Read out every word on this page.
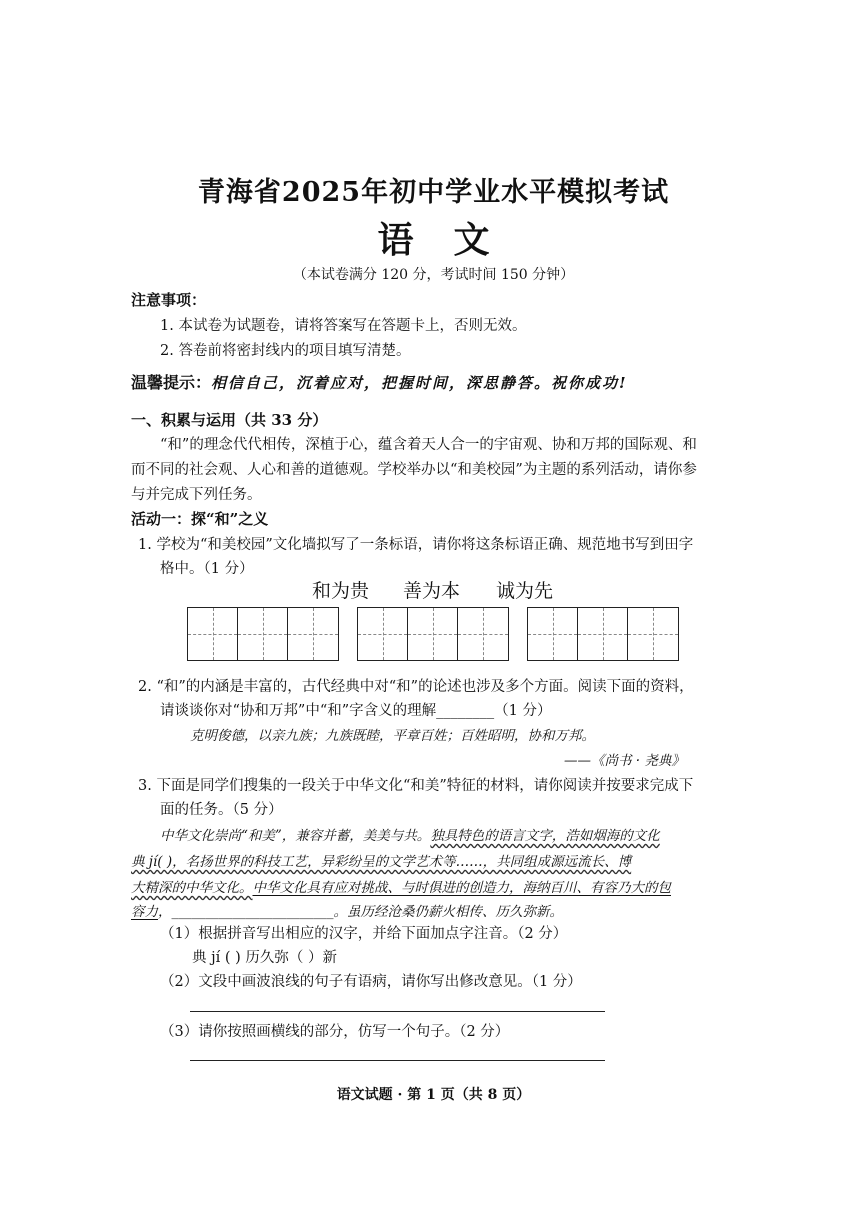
青海省2025年初中学业水平模拟考试
语文
（本试卷满分 120 分，考试时间 150 分钟）
注意事项：
1. 本试卷为试题卷，请将答案写在答题卡上，否则无效。
2. 答卷前将密封线内的项目填写清楚。
温馨提示：相信自己，沉着应对，把握时间，深思静答。祝你成功!
一、积累与运用（共 33 分）
“和”的理念代代相传，深植于心，蕴含着天人合一的宇宙观、协和万邦的国际观、和
而不同的社会观、人心和善的道德观。学校举办以“和美校园”为主题的系列活动，请你参
与并完成下列任务。
活动一：探“和”之义
1. 学校为“和美校园”文化墙拟写了一条标语，请你将这条标语正确、规范地书写到田字
格中。（1 分）
和为贵 善为本 诚为先
2. “和”的内涵是丰富的，古代经典中对“和”的论述也涉及多个方面。阅读下面的资料，
请谈谈你对“协和万邦”中“和”字含义的理解________（1 分）
克明俊德，以亲九族；九族既睦，平章百姓；百姓昭明，协和万邦。
——《尚书 · 尧典》
3. 下面是同学们搜集的一段关于中华文化“和美”特征的材料，请你阅读并按要求完成下
面的任务。（5 分）
中华文化崇尚“和美”，兼容并蓄，美美与共。独具特色的语言文字，浩如烟海的文化
典 jí( )，名扬世界的科技工艺，异彩纷呈的文学艺术等……，共同组成源远流长、博
大精深的中华文化。中华文化具有应对挑战、与时俱进的创造力，海纳百川、有容乃大的包
容力，________________________。虽历经沧桑仍薪火相传、历久弥新。
（1）根据拼音写出相应的汉字，并给下面加点字注音。（2 分）
典 jí ( ) 历久弥（ ）新
（2）文段中画波浪线的句子有语病，请你写出修改意见。（1 分）
（3）请你按照画横线的部分，仿写一个句子。（2 分）
语文试题 · 第 1 页（共 8 页）
